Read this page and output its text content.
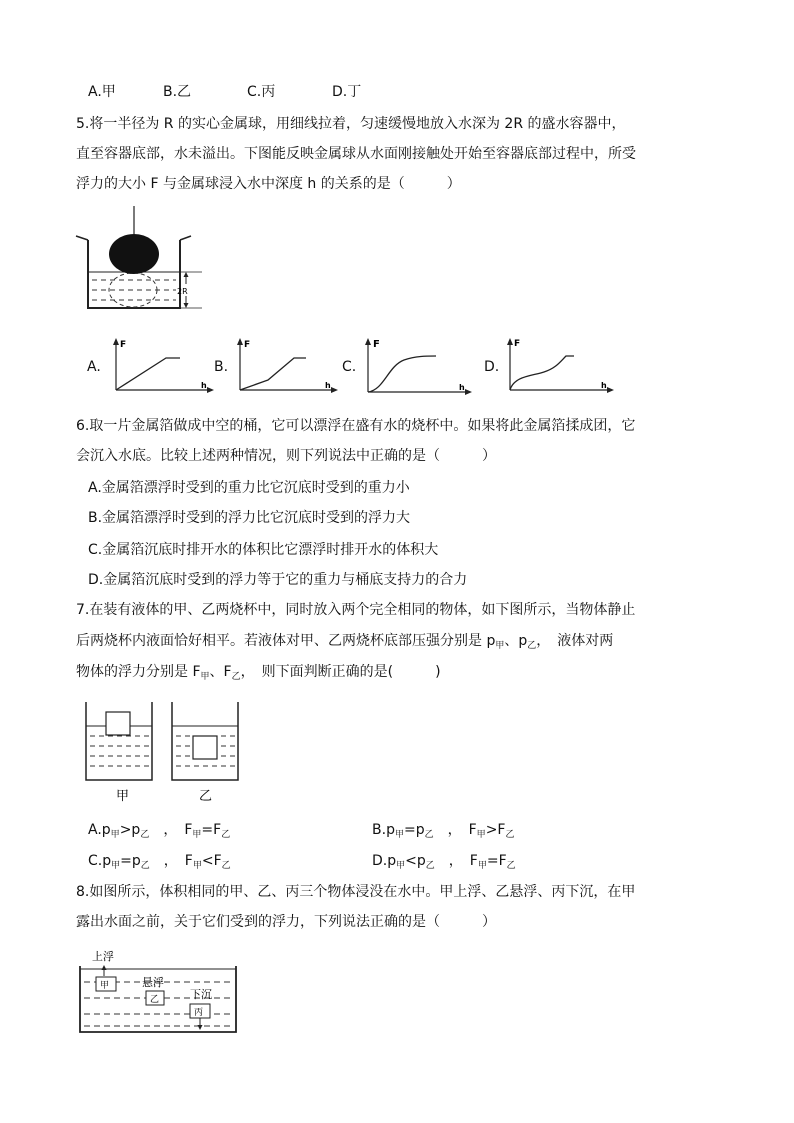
A.甲	B.乙	C.丙	D.丁
5.将一半径为 R 的实心金属球，用细线拉着，匀速缓慢地放入水深为 2R 的盛水容器中，
直至容器底部，水未溢出。下图能反映金属球从水面刚接触处开始至容器底部过程中，所受
浮力的大小 F 与金属球浸入水中深度 h 的关系的是（　　　）
2R
A.
F
h
B.
F
h
C.
F
h
D.
F
h
6.取一片金属箔做成中空的桶，它可以漂浮在盛有水的烧杯中。如果将此金属箔揉成团，它
会沉入水底。比较上述两种情况，则下列说法中正确的是（　　　）
A.金属箔漂浮时受到的重力比它沉底时受到的重力小
B.金属箔漂浮时受到的浮力比它沉底时受到的浮力大
C.金属箔沉底时排开水的体积比它漂浮时排开水的体积大
D.金属箔沉底时受到的浮力等于它的重力与桶底支持力的合力
7.在装有液体的甲、乙两烧杯中，同时放入两个完全相同的物体，如下图所示，当物体静止
后两烧杯内液面恰好相平。若液体对甲、乙两烧杯底部压强分别是 $p_甲$、$p_乙$，　液体对两
物体的浮力分别是 $F_甲$、$F_乙$，　则下面判断正确的是(　　　)
甲	乙
$A.p_甲>p_乙$　 ，　 $F_甲=F_乙$	$B.p_甲=p_乙$　 ，　 $F_甲>F_乙$
$C.p_甲=p_乙$　 ，　 $F_甲<F_乙$	$D.p_甲<p_乙$　 ，　 $F_甲=F_乙$
8.如图所示，体积相同的甲、乙、丙三个物体浸没在水中。甲上浮、乙悬浮、丙下沉，在甲
露出水面之前，关于它们受到的浮力，下列说法正确的是（　　　）
上浮
甲	悬浮
乙	下沉
丙
